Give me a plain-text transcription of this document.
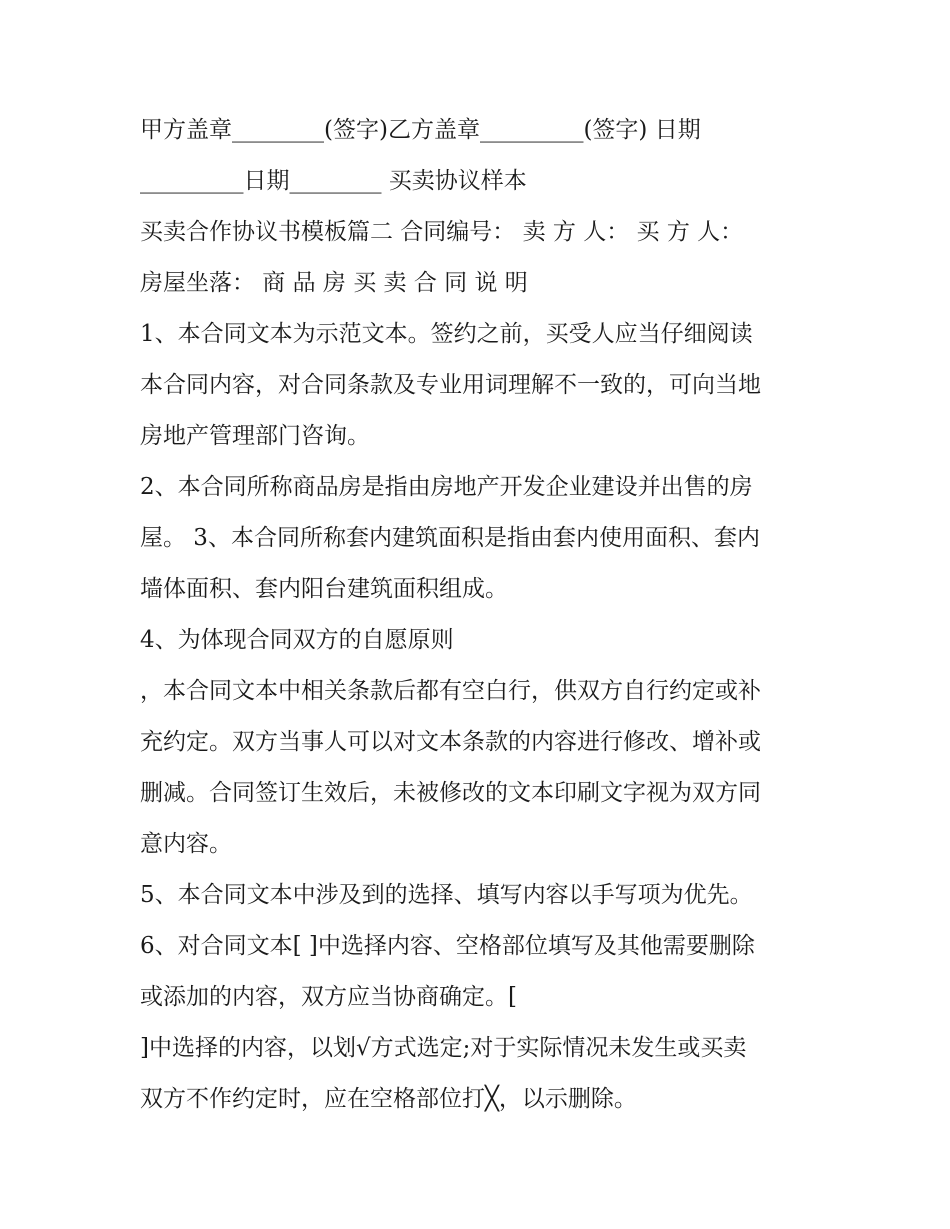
甲方盖章________(签字)乙方盖章_________(签字) 日期
_________日期________ 买卖协议样本
买卖合作协议书模板篇二 合同编号： 卖 方 人： 买 方 人：
房屋坐落： 商 品 房 买 卖 合 同 说 明
1、本合同文本为示范文本。签约之前，买受人应当仔细阅读
本合同内容，对合同条款及专业用词理解不一致的，可向当地
房地产管理部门咨询。
2、本合同所称商品房是指由房地产开发企业建设并出售的房
屋。 3、本合同所称套内建筑面积是指由套内使用面积、套内
墙体面积、套内阳台建筑面积组成。
4、为体现合同双方的自愿原则
，本合同文本中相关条款后都有空白行，供双方自行约定或补
充约定。双方当事人可以对文本条款的内容进行修改、增补或
删减。合同签订生效后，未被修改的文本印刷文字视为双方同
意内容。
5、本合同文本中涉及到的选择、填写内容以手写项为优先。
6、对合同文本[ ]中选择内容、空格部位填写及其他需要删除
或添加的内容，双方应当协商确定。[
]中选择的内容，以划√方式选定;对于实际情况未发生或买卖
双方不作约定时，应在空格部位打╳，以示删除。
